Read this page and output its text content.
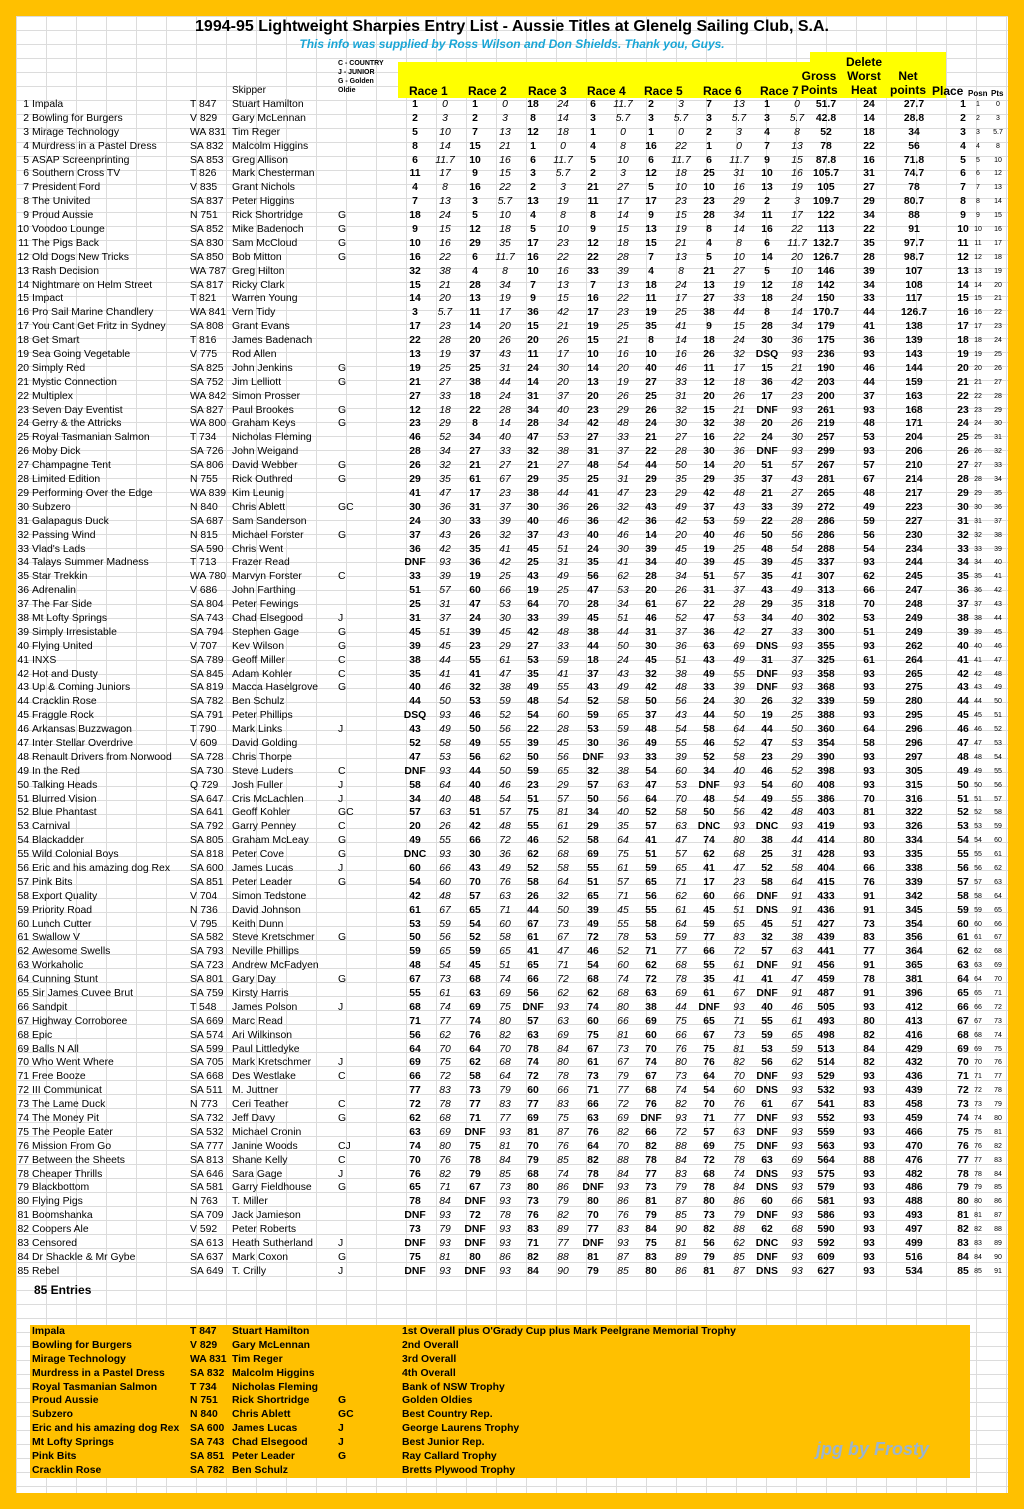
1994-95 Lightweight Sharpies Entry List - Aussie Titles at Glenelg Sailing Club, S.A.
This info was supplied by Ross Wilson and Don Shields. Thank you, Guys.
Skipper
C - COUNTRY
J - JUNIOR
G - Golden
Oldie	Race 1 Race 2 Race 3 Race 4 Race 5 Race 6 Race 7
Gross
Points
Delete
Worst
Heat
Net
points Place Posn Pts
1 Impala	T 847 Stuart Hamilton	1	0	1	0	18	24	6	11.7	2	3	7	13	1	0	51.7	24	27.7	1	1	0
2 Bowling for Burgers	V 829 Gary McLennan	2	3	2	3	8	14	3	5.7	3	5.7	3	5.7	3	5.7	42.8	14	28.8	2	2	3
3 Mirage Technology	WA 831 Tim Reger	5	10	7	13	12	18	1	0	1	0	2	3	4	8	52	18	34	3	3	5.7
4 Murdress in a Pastel Dress	SA 832 Malcolm Higgins	8	14	15	21	1	0	4	8	16	22	1	0	7	13	78	22	56	4	4	8
5 ASAP Screenprinting	SA 853 Greg Allison	6	11.7	10	16	6	11.7	5	10	6	11.7	6	11.7	9	15	87.8	16	71.8	5	5	10
6 Southern Cross TV	T 826 Mark Chesterman	11	17	9	15	3	5.7	2	3	12	18	25	31	10	16 105.7	31	74.7	6	6	12
7 President Ford	V 835 Grant Nichols	4	8	16	22	2	3	21	27	5	10	10	16	13	19	105	27	78	7	7	13
8 The Univited	SA 837 Peter Higgins	7	13	3	5.7	13	19	11	17	17	23	23	29	2	3	109.7	29	80.7	8	8	14
9 Proud Aussie	N 751 Rick Shortridge	G	18	24	5	10	4	8	8	14	9	15	28	34	11	17	122	34	88	9	9	15
10 Voodoo Lounge	SA 852 Mike Badenoch	G	9	15	12	18	5	10	9	15	13	19	8	14	16	22	113	22	91	10 10	16
11 The Pigs Back	SA 830 Sam McCloud	G	10	16	29	35	17	23	12	18	15	21	4	8	6	11.7 132.7	35	97.7	11 11	17
12 Old Dogs New Tricks	SA 850 Bob Mitton	G	16	22	6	11.7	16	22	22	28	7	13	5	10	14	20 126.7	28	98.7	12 12	18
13 Rash Decision	WA 787 Greg Hilton	32	38	4	8	10	16	33	39	4	8	21	27	5	10	146	39	107	13 13	19
14 Nightmare on Helm Street	SA 817 Ricky Clark	15	21	28	34	7	13	7	13	18	24	13	19	12	18	142	34	108	14 14	20
15 Impact	T 821 Warren Young	14	20	13	19	9	15	16	22	11	17	27	33	18	24	150	33	117	15 15	21
16 Pro Sail Marine Chandlery	WA 841 Vern Tidy	3	5.7	11	17	36	42	17	23	19	25	38	44	8	14 170.7	44	126.7	16 16	22
17 You Cant Get Fritz in Sydney SA 808 Grant Evans	17	23	14	20	15	21	19	25	35	41	9	15	28	34	179	41	138	17 17	23
18 Get Smart	T 816 James Badenach	22	28	20	26	20	26	15	21	8	14	18	24	30	36	175	36	139	18 18	24
19 Sea Going Vegetable	V 775 Rod Allen	13	19	37	43	11	17	10	16	10	16	26	32	DSQ	93	236	93	143	19 19	25
20 Simply Red	SA 825 John Jenkins	G	19	25	25	31	24	30	14	20	40	46	11	17	15	21	190	46	144	20 20	26
21 Mystic Connection	SA 752 Jim Lelliott	G	21	27	38	44	14	20	13	19	27	33	12	18	36	42	203	44	159	21 21	27
22 Multiplex	WA 842 Simon Prosser	27	33	18	24	31	37	20	26	25	31	20	26	17	23	200	37	163	22 22	28
23 Seven Day Eventist	SA 827 Paul Brookes	G	12	18	22	28	34	40	23	29	26	32	15	21	DNF	93	261	93	168	23 23	29
24 Gerry & the Attricks	WA 800 Graham Keys	G	23	29	8	14	28	34	42	48	24	30	32	38	20	26	219	48	171	24 24	30
25 Royal Tasmanian Salmon	T 734 Nicholas Fleming	46	52	34	40	47	53	27	33	21	27	16	22	24	30	257	53	204	25 25	31
26 Moby Dick	SA 726 John Weigand	28	34	27	33	32	38	31	37	22	28	30	36	DNF	93	299	93	206	26 26	32
27 Champagne Tent	SA 806 David Webber	G	26	32	21	27	21	27	48	54	44	50	14	20	51	57	267	57	210	27 27	33
28 Limited Edition	N 755 Rick Outhred	G	29	35	61	67	29	35	25	31	29	35	29	35	37	43	281	67	214	28 28	34
29 Performing Over the Edge	WA 839 Kim Leunig	41	47	17	23	38	44	41	47	23	29	42	48	21	27	265	48	217	29 29	35
30 Subzero	N 840 Chris Ablett	GC	30	36	31	37	30	36	26	32	43	49	37	43	33	39	272	49	223	30 30	36
31 Galapagus Duck	SA 687 Sam Sanderson	24	30	33	39	40	46	36	42	36	42	53	59	22	28	286	59	227	31 31	37
32 Passing Wind	N 815 Michael Forster	G	37	43	26	32	37	43	40	46	14	20	40	46	50	56	286	56	230	32 32	38
33 Vlad's Lads	SA 590 Chris Went	36	42	35	41	45	51	24	30	39	45	19	25	48	54	288	54	234	33 33	39
34 Talays Summer Madness	T 713 Frazer Read	DNF	93	36	42	25	31	35	41	34	40	39	45	39	45	337	93	244	34 34	40
35 Star Trekkin	WA 780 Marvyn Forster	C	33	39	19	25	43	49	56	62	28	34	51	57	35	41	307	62	245	35 35	41
36 Adrenalin	V 686 John Farthing	51	57	60	66	19	25	47	53	20	26	31	37	43	49	313	66	247	36 36	42
37 The Far Side	SA 804 Peter Fewings	25	31	47	53	64	70	28	34	61	67	22	28	29	35	318	70	248	37 37	43
38 Mt Lofty Springs	SA 743 Chad Elsegood	J	31	37	24	30	33	39	45	51	46	52	47	53	34	40	302	53	249	38 38	44
39 Simply Irresistable	SA 794 Stephen Gage	G	45	51	39	45	42	48	38	44	31	37	36	42	27	33	300	51	249	39 39	45
40 Flying United	V 707 Kev Wilson	G	39	45	23	29	27	33	44	50	30	36	63	69	DNS	93	355	93	262	40 40	46
41 INXS	SA 789 Geoff Miller	C	38	44	55	61	53	59	18	24	45	51	43	49	31	37	325	61	264	41 41	47
42 Hot and Dusty	SA 845 Adam Kohler	C	35	41	41	47	35	41	37	43	32	38	49	55	DNF	93	358	93	265	42 42	48
43 Up & Coming Juniors	SA 819 Macca Haselgrove G	40	46	32	38	49	55	43	49	42	48	33	39	DNF	93	368	93	275	43 43	49
44 Cracklin Rose	SA 782 Ben Schulz	44	50	53	59	48	54	52	58	50	56	24	30	26	32	339	59	280	44 44	50
45 Fraggle Rock	SA 791 Peter Phillips	DSQ	93	46	52	54	60	59	65	37	43	44	50	19	25	388	93	295	45 45	51
46 Arkansas Buzzwagon	T 790 Mark Links	J	43	49	50	56	22	28	53	59	48	54	58	64	44	50	360	64	296	46 46	52
47 Inter Stellar Overdrive	V 609 David Golding	52	58	49	55	39	45	30	36	49	55	46	52	47	53	354	58	296	47 47	53
48 Renault Drivers from Norwood SA 728 Chris Thorpe	47	53	56	62	50	56	DNF	93	33	39	52	58	23	29	390	93	297	48 48	54
49 In the Red	SA 730 Steve Luders	C	DNF	93	44	50	59	65	32	38	54	60	34	40	46	52	398	93	305	49 49	55
50 Talking Heads	Q 729 Josh Fuller	J	58	64	40	46	23	29	57	63	47	53	DNF	93	54	60	408	93	315	50 50	56
51 Blurred Vision	SA 647 Cris McLachlen	J	34	40	48	54	51	57	50	56	64	70	48	54	49	55	386	70	316	51 51	57
52 Blue Phantast	SA 641 Geoff Kohler	GC	57	63	51	57	75	81	34	40	52	58	50	56	42	48	403	81	322	52 52	58
53 Carnival	SA 792 Garry Penney	C	20	26	42	48	55	61	29	35	57	63	DNC	93	DNC	93	419	93	326	53 53	59
54 Blackadder	SA 805 Graham McLeay	G	49	55	66	72	46	52	58	64	41	47	74	80	38	44	414	80	334	54 54	60
55 Wild Colonial Boys	SA 818 Peter Cove	G	DNC	93	30	36	62	68	69	75	51	57	62	68	25	31	428	93	335	55 55	61
56 Eric and his amazing dog Rex SA 600 James Lucas	J	60	66	43	49	52	58	55	61	59	65	41	47	52	58	404	66	338	56 56	62
57 Pink Bits	SA 851 Peter Leader	G	54	60	70	76	58	64	51	57	65	71	17	23	58	64	415	76	339	57 57	63
58 Export Quality	V 704 Simon Tedstone	42	48	57	63	26	32	65	71	56	62	60	66	DNF	91	433	91	342	58 58	64
59 Priority Road	N 736 David Johnson	61	67	65	71	44	50	39	45	55	61	45	51	DNS	91	436	91	345	59 59	65
60 Lunch Cutter	V 795 Keith Dunn	53	59	54	60	67	73	49	55	58	64	59	65	45	51	427	73	354	60 60	66
61 Swallow V	SA 582 Steve Kretschmer G	50	56	52	58	61	67	72	78	53	59	77	83	32	38	439	83	356	61 61	67
62 Awesome Swells	SA 793 Neville Phillips	59	65	59	65	41	47	46	52	71	77	66	72	57	63	441	77	364	62 62	68
63 Workaholic	SA 723 Andrew McFadyen	48	54	45	51	65	71	54	60	62	68	55	61	DNF	91	456	91	365	63 63	69
64 Cunning Stunt	SA 801 Gary Day	G	67	73	68	74	66	72	68	74	72	78	35	41	41	47	459	78	381	64 64	70
65 Sir James Cuvee Brut	SA 759 Kirsty Harris	55	61	63	69	56	62	62	68	63	69	61	67	DNF	91	487	91	396	65 65	71
66 Sandpit	T 548 James Polson	J	68	74	69	75	DNF	93	74	80	38	44	DNF	93	40	46	505	93	412	66 66	72
67 Highway Corroboree	SA 669 Marc Read	71	77	74	80	57	63	60	66	69	75	65	71	55	61	493	80	413	67 67	73
68 Epic	SA 574 Ari Wilkinson	56	62	76	82	63	69	75	81	60	66	67	73	59	65	498	82	416	68 68	74
69 Balls N All	SA 599 Paul Littledyke	64	70	64	70	78	84	67	73	70	76	75	81	53	59	513	84	429	69 69	75
70 Who Went Where	SA 705 Mark Kretschmer	J	69	75	62	68	74	80	61	67	74	80	76	82	56	62	514	82	432	70 70	76
71 Free Booze	SA 668 Des Westlake	C	66	72	58	64	72	78	73	79	67	73	64	70	DNF	93	529	93	436	71 71	77
72 III Communicat	SA 511 M. Juttner	77	83	73	79	60	66	71	77	68	74	54	60	DNS	93	532	93	439	72 72	78
73 The Lame Duck	N 773 Ceri Teather	C	72	78	77	83	77	83	66	72	76	82	70	76	61	67	541	83	458	73 73	79
74 The Money Pit	SA 732 Jeff Davy	G	62	68	71	77	69	75	63	69	DNF	93	71	77	DNF	93	552	93	459	74 74	80
75 The People Eater	SA 532 Michael Cronin	63	69	DNF	93	81	87	76	82	66	72	57	63	DNF	93	559	93	466	75 75	81
76 Mission From Go	SA 777 Janine Woods	CJ	74	80	75	81	70	76	64	70	82	88	69	75	DNF	93	563	93	470	76 76	82
77 Between the Sheets	SA 813 Shane Kelly	C	70	76	78	84	79	85	82	88	78	84	72	78	63	69	564	88	476	77 77	83
78 Cheaper Thrills	SA 646 Sara Gage	J	76	82	79	85	68	74	78	84	77	83	68	74	DNS	93	575	93	482	78 78	84
79 Blackbottom	SA 581 Garry Fieldhouse	G	65	71	67	73	80	86	DNF	93	73	79	78	84	DNS	93	579	93	486	79 79	85
80 Flying Pigs	N 763 T. Miller	78	84	DNF	93	73	79	80	86	81	87	80	86	60	66	581	93	488	80 80	86
81 Boomshanka	SA 709 Jack Jamieson	DNF	93	72	78	76	82	70	76	79	85	73	79	DNF	93	586	93	493	81 81	87
82 Coopers Ale	V 592 Peter Roberts	73	79	DNF	93	83	89	77	83	84	90	82	88	62	68	590	93	497	82 82	88
83 Censored	SA 613 Heath Sutherland J	DNF	93	DNF	93	71	77	DNF	93	75	81	56	62	DNC	93	592	93	499	83 83	89
84 Dr Shackle & Mr Gybe	SA 637 Mark Coxon	G	75	81	80	86	82	88	81	87	83	89	79	85	DNF	93	609	93	516	84 84	90
85 Rebel	SA 649 T. Crilly	J	DNF	93	DNF	93	84	90	79	85	80	86	81	87	DNS	93	627	93	534	85 85	91
85 Entries
Impala	T 847 Stuart Hamilton	1st Overall plus O'Grady Cup plus Mark Peelgrane Memorial Trophy
Bowling for Burgers	V 829 Gary McLennan	2nd Overall
Mirage Technology	WA 831 Tim Reger	3rd Overall
Murdress in a Pastel Dress SA 832 Malcolm Higgins	4th Overall
Royal Tasmanian Salmon	T 734 Nicholas Fleming	Bank of NSW Trophy
Proud Aussie	N 751 Rick Shortridge	G	Golden Oldies
Subzero	N 840 Chris Ablett	GC	Best Country Rep.
Eric and his amazing dog Rex SA 600 James Lucas	J	George Laurens Trophy
Mt Lofty Springs	SA 743 Chad Elsegood	J	Best Junior Rep.
Pink Bits	SA 851 Peter Leader	G	Ray Callard Trophy
Cracklin Rose	SA 782 Ben Schulz	Bretts Plywood Trophy
jpg by Frosty
